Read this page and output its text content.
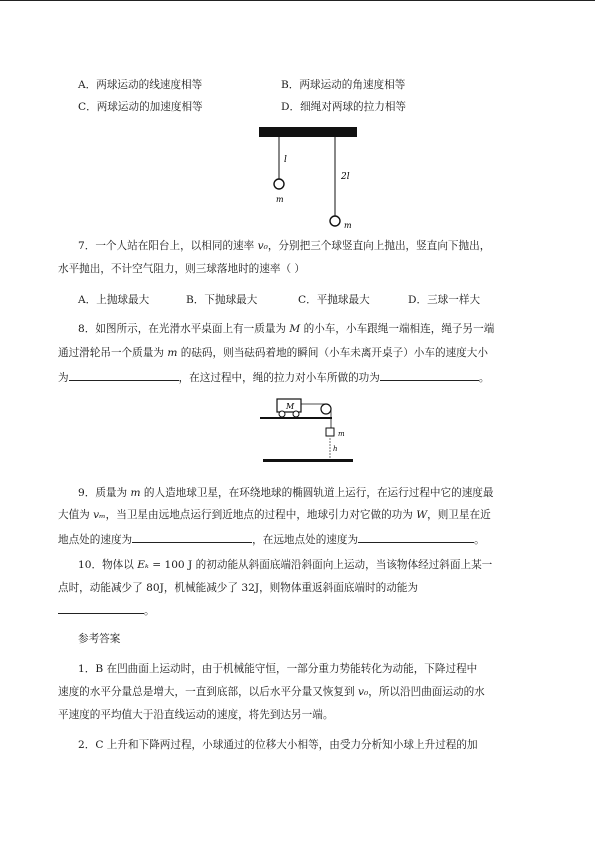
A．两球运动的线速度相等	B．两球运动的角速度相等
C．两球运动的加速度相等	D．细绳对两球的拉力相等
l
2l
m
m
7．一个人站在阳台上，以相同的速率 v₀，分别把三个球竖直向上抛出，竖直向下抛出，
水平抛出，不计空气阻力，则三球落地时的速率（ ）
A．上抛球最大	B．下抛球最大	C．平抛球最大	D．三球一样大
8．如图所示，在光滑水平桌面上有一质量为 M 的小车，小车跟绳一端相连，绳子另一端
通过滑轮吊一个质量为 m 的砝码，则当砝码着地的瞬间（小车未离开桌子）小车的速度大小
为	，在这过程中，绳的拉力对小车所做的功为	。
M
m
h
9．质量为 m 的人造地球卫星，在环绕地球的椭圆轨道上运行，在运行过程中它的速度最
大值为 vₘ，当卫星由远地点运行到近地点的过程中，地球引力对它做的功为 W，则卫星在近
地点处的速度为	，在远地点处的速度为	。
10．物体以 Eₖ = 100 J 的初动能从斜面底端沿斜面向上运动，当该物体经过斜面上某一
点时，动能减少了 80J，机械能减少了 32J，则物体重返斜面底端时的动能为
。
参考答案
1．B 在凹曲面上运动时，由于机械能守恒，一部分重力势能转化为动能，下降过程中
速度的水平分量总是增大，一直到底部，以后水平分量又恢复到 v₀，所以沿凹曲面运动的水
平速度的平均值大于沿直线运动的速度，将先到达另一端。
2．C 上升和下降两过程，小球通过的位移大小相等，由受力分析知小球上升过程的加
